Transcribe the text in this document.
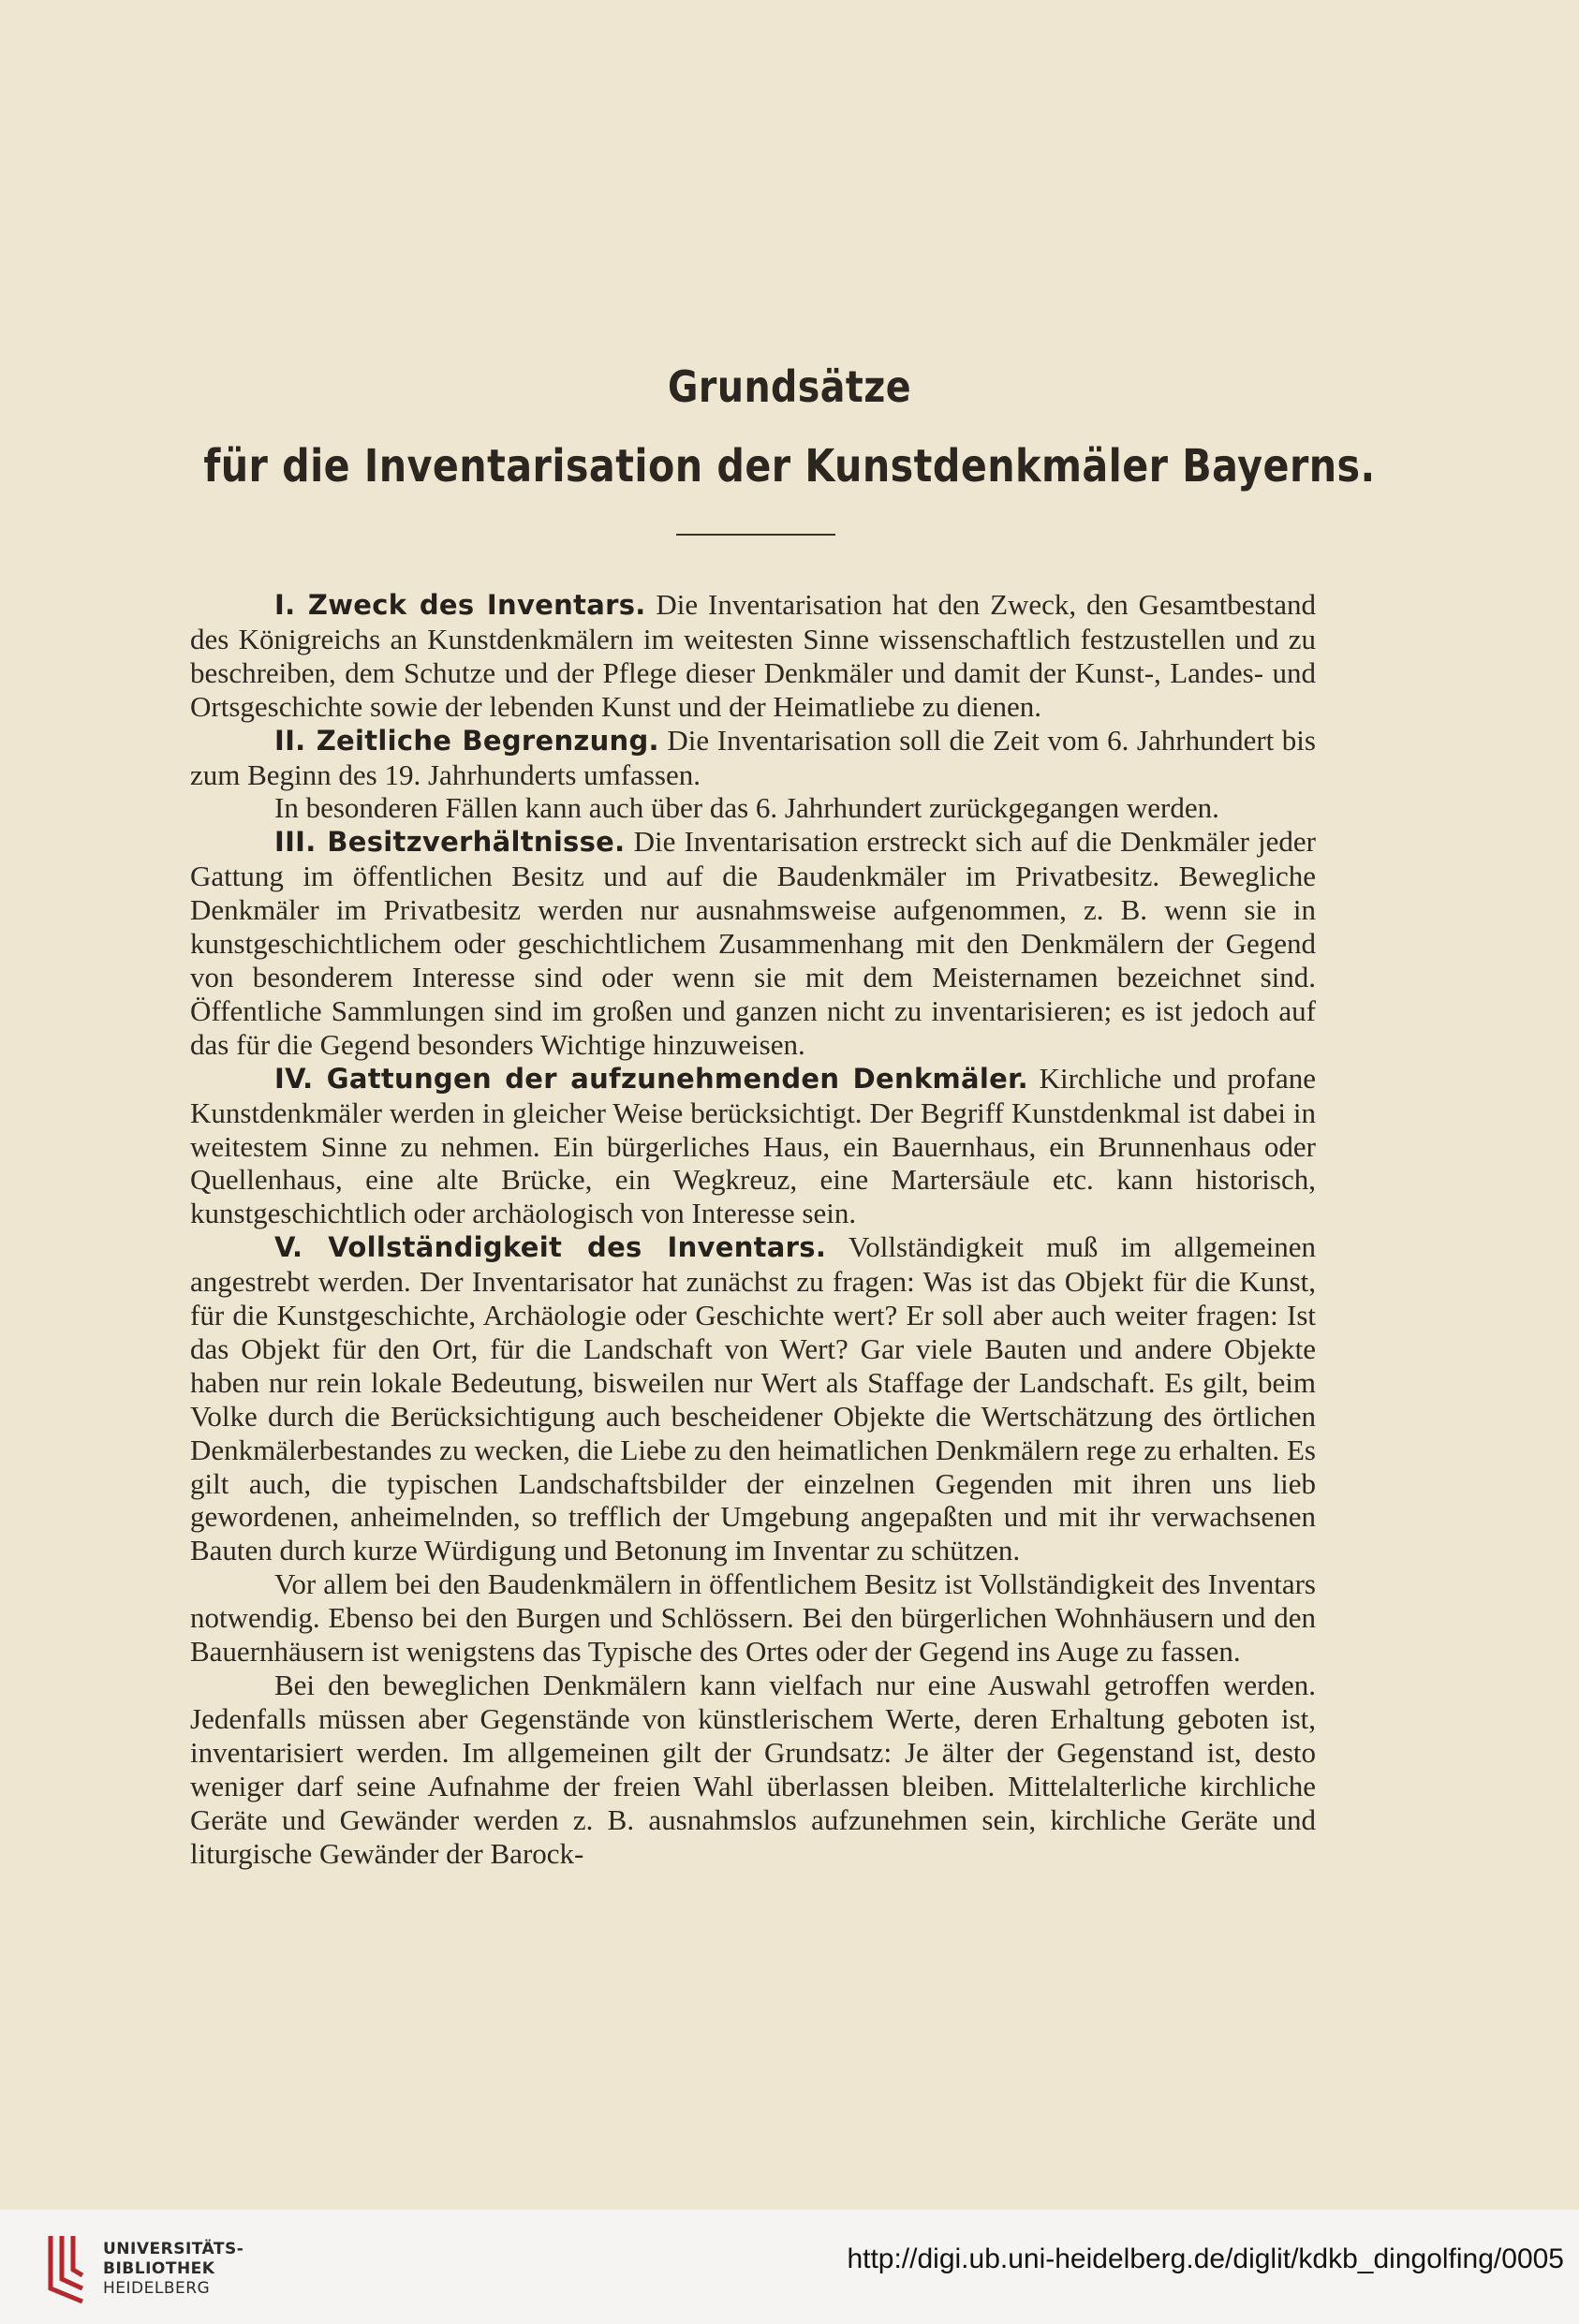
Grundsätze
für die Inventarisation der Kunstdenkmäler Bayerns.

I. Zweck des Inventars. Die Inventarisation hat den Zweck, den Gesamtbestand des Königreichs an Kunstdenkmälern im weitesten Sinne wissenschaftlich festzustellen und zu beschreiben, dem Schutze und der Pflege dieser Denkmäler und damit der Kunst-, Landes- und Ortsgeschichte sowie der lebenden Kunst und der Heimatliebe zu dienen.

II. Zeitliche Begrenzung. Die Inventarisation soll die Zeit vom 6. Jahrhundert bis zum Beginn des 19. Jahrhunderts umfassen.

In besonderen Fällen kann auch über das 6. Jahrhundert zurückgegangen werden.

III. Besitzverhältnisse. Die Inventarisation erstreckt sich auf die Denkmäler jeder Gattung im öffentlichen Besitz und auf die Baudenkmäler im Privatbesitz. Bewegliche Denkmäler im Privatbesitz werden nur ausnahmsweise aufgenommen, z. B. wenn sie in kunstgeschichtlichem oder geschichtlichem Zusammenhang mit den Denkmälern der Gegend von besonderem Interesse sind oder wenn sie mit dem Meisternamen bezeichnet sind. Öffentliche Sammlungen sind im großen und ganzen nicht zu inventarisieren; es ist jedoch auf das für die Gegend besonders Wichtige hinzuweisen.

IV. Gattungen der aufzunehmenden Denkmäler. Kirchliche und profane Kunstdenkmäler werden in gleicher Weise berücksichtigt. Der Begriff Kunstdenkmal ist dabei in weitestem Sinne zu nehmen. Ein bürgerliches Haus, ein Bauernhaus, ein Brunnenhaus oder Quellenhaus, eine alte Brücke, ein Wegkreuz, eine Martersäule etc. kann historisch, kunstgeschichtlich oder archäologisch von Interesse sein.

V. Vollständigkeit des Inventars. Vollständigkeit muß im allgemeinen angestrebt werden. Der Inventarisator hat zunächst zu fragen: Was ist das Objekt für die Kunst, für die Kunstgeschichte, Archäologie oder Geschichte wert? Er soll aber auch weiter fragen: Ist das Objekt für den Ort, für die Landschaft von Wert? Gar viele Bauten und andere Objekte haben nur rein lokale Bedeutung, bisweilen nur Wert als Staffage der Landschaft. Es gilt, beim Volke durch die Berücksichtigung auch bescheidener Objekte die Wertschätzung des örtlichen Denkmälerbestandes zu wecken, die Liebe zu den heimatlichen Denkmälern rege zu erhalten. Es gilt auch, die typischen Landschaftsbilder der einzelnen Gegenden mit ihren uns lieb gewordenen, anheimelnden, so trefflich der Umgebung angepaßten und mit ihr verwachsenen Bauten durch kurze Würdigung und Betonung im Inventar zu schützen.

Vor allem bei den Baudenkmälern in öffentlichem Besitz ist Vollständigkeit des Inventars notwendig. Ebenso bei den Burgen und Schlössern. Bei den bürgerlichen Wohnhäusern und den Bauernhäusern ist wenigstens das Typische des Ortes oder der Gegend ins Auge zu fassen.

Bei den beweglichen Denkmälern kann vielfach nur eine Auswahl getroffen werden. Jedenfalls müssen aber Gegenstände von künstlerischem Werte, deren Erhaltung geboten ist, inventarisiert werden. Im allgemeinen gilt der Grundsatz: Je älter der Gegenstand ist, desto weniger darf seine Aufnahme der freien Wahl überlassen bleiben. Mittelalterliche kirchliche Geräte und Gewänder werden z. B. ausnahmslos aufzunehmen sein, kirchliche Geräte und liturgische Gewänder der Barock-

UNIVERSITÄTS-
BIBLIOTHEK
HEIDELBERG
http://digi.ub.uni-heidelberg.de/diglit/kdkb_dingolfing/0005
